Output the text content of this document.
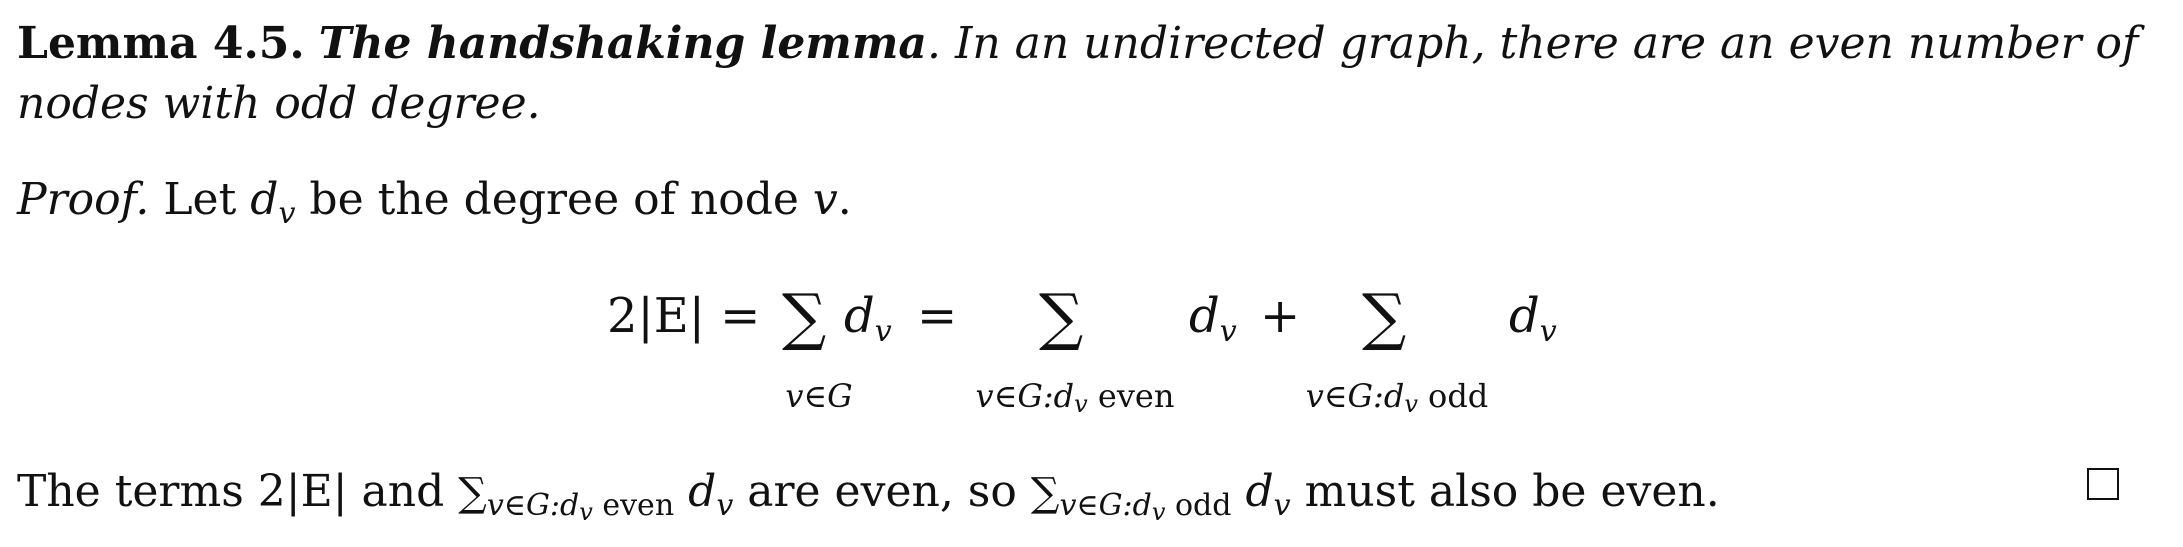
Lemma 4.5. The handshaking lemma. In an undirected graph, there are an even number of
nodes with odd degree.
Proof. Let $d_v$ be the degree of node v.
2|E| = ∑ $d_v$ =
v∈G
∑ $d_v$ +
v∈G:dv even
∑ $d_v$
v∈G:dv odd
The terms 2|E| and $\sum_{v\in G:dv even}$ $d_v$ are even, so $\sum_{v\in G:dv odd}$ $d_v$ must also be even.
